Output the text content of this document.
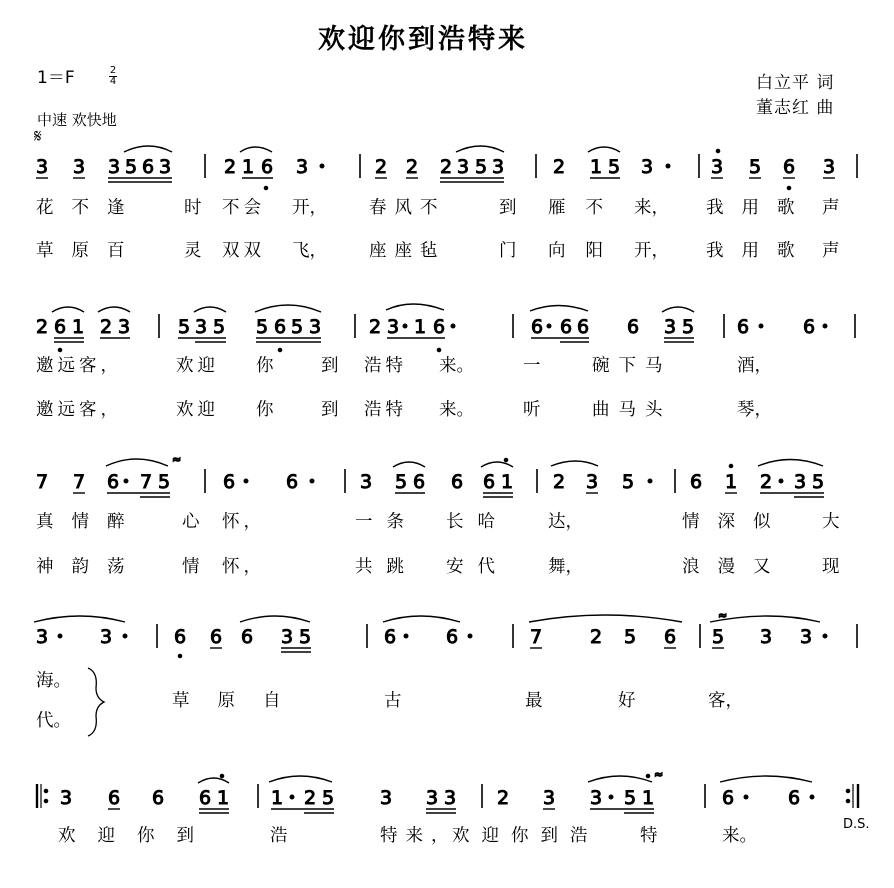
欢迎你到浩特来
1＝F	2
4
中速 欢快地
𝄋
白立平 词
董志红 曲
D.S.
3 3 3 5 6 3	2 1 6 3	2 2 2 3 5 3	2 1 5 3	3 5 6 3
2 6 1 2 3	5 3 5 5 6 5 3	2 3 1 6	6 6 6 6 3 5 6	6
7 7 6 7 5
≈
6	6	3 5 6 6 6 1 2 3 5	6 1 2 3 5
3	3	6 6 6 3 5	6	6	7	2 5 6
≈
5 3 3
3 6 6 6 1 1 2 5 3 3 3 2 3 3 5 1
≈
6	6
花不逢 时 不会 开， 春风不	到 雁不 来， 我用歌 声
草原百 灵 双双 飞， 座座毡	门 向阳 开， 我用歌 声
邀远客，	欢迎 你	到 浩特 来。	一	碗下马	酒，
邀远客，	欢迎 你	到 浩特 来。	听	曲马头	琴，
真情醉 心 怀，	一条 长哈 达，	情深似 大
神韵荡 情 怀，	共跳 安代 舞，	浪漫又 现
海。
代。
草原自	古	最	好	客，
欢迎你到	浩	特来，
欢迎你到浩 特	来。
3 3 3563 | 216 3· | 2 2 2353 | 2 15 3· | 3 5 6 3 | 26 12 3 | 535 5653 | 23·16· | 6·66 6 35 | 6· 6· | 7 7 6·75 | 6· 6· | 3 56 6 61 | 23 5· | 6 1 2·35 | 3· 3· | 6 6 6 35 | 6· 6· | 7 2 5 6 | 5 3 3· | ‖: 3 6 6 61 | 1·25 3 33 | 2 3 3·51 | 6· 6· :‖ 2/4
